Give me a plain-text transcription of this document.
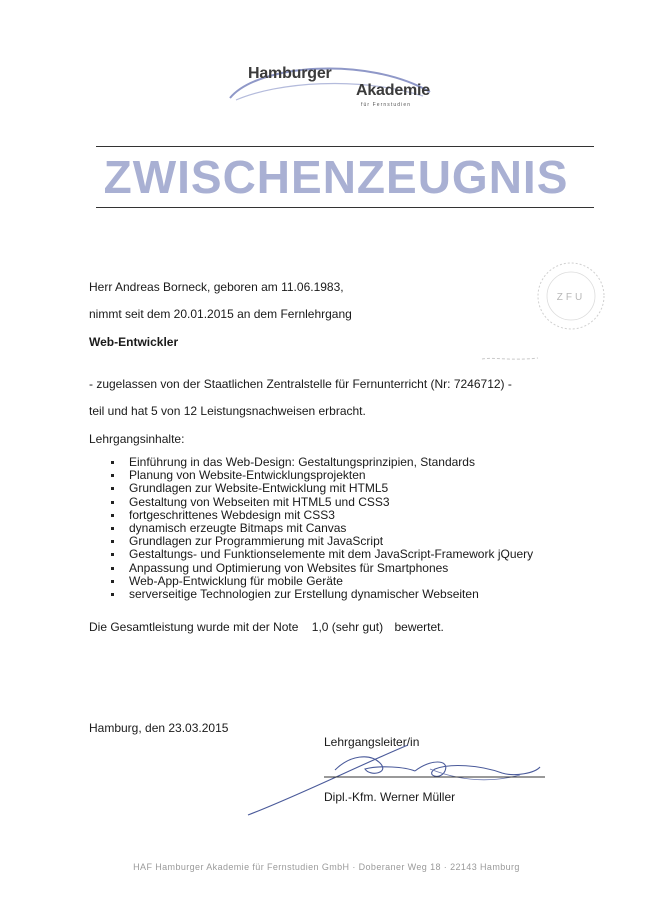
Hamburger
Akademie
für Fernstudien
ZWISCHENZEUGNIS
ZFU
Herr Andreas Borneck, geboren am 11.06.1983,
nimmt seit dem 20.01.2015 an dem Fernlehrgang
Web-Entwickler
- zugelassen von der Staatlichen Zentralstelle für Fernunterricht (Nr: 7246712) -
teil und hat 5 von 12 Leistungsnachweisen erbracht.
Lehrgangsinhalte:
Einführung in das Web-Design: Gestaltungsprinzipien, Standards
Planung von Website-Entwicklungsprojekten
Grundlagen zur Website-Entwicklung mit HTML5
Gestaltung von Webseiten mit HTML5 und CSS3
fortgeschrittenes Webdesign mit CSS3
dynamisch erzeugte Bitmaps mit Canvas
Grundlagen zur Programmierung mit JavaScript
Gestaltungs- und Funktionselemente mit dem JavaScript-Framework jQuery
Anpassung und Optimierung von Websites für Smartphones
Web-App-Entwicklung für mobile Geräte
serverseitige Technologien zur Erstellung dynamischer Webseiten
Die Gesamtleistung wurde mit der Note 1,0 (sehr gut) bewertet.
Hamburg, den 23.03.2015
Lehrgangsleiter/in
Dipl.-Kfm. Werner Müller
HAF Hamburger Akademie für Fernstudien GmbH · Doberaner Weg 18 · 22143 Hamburg
